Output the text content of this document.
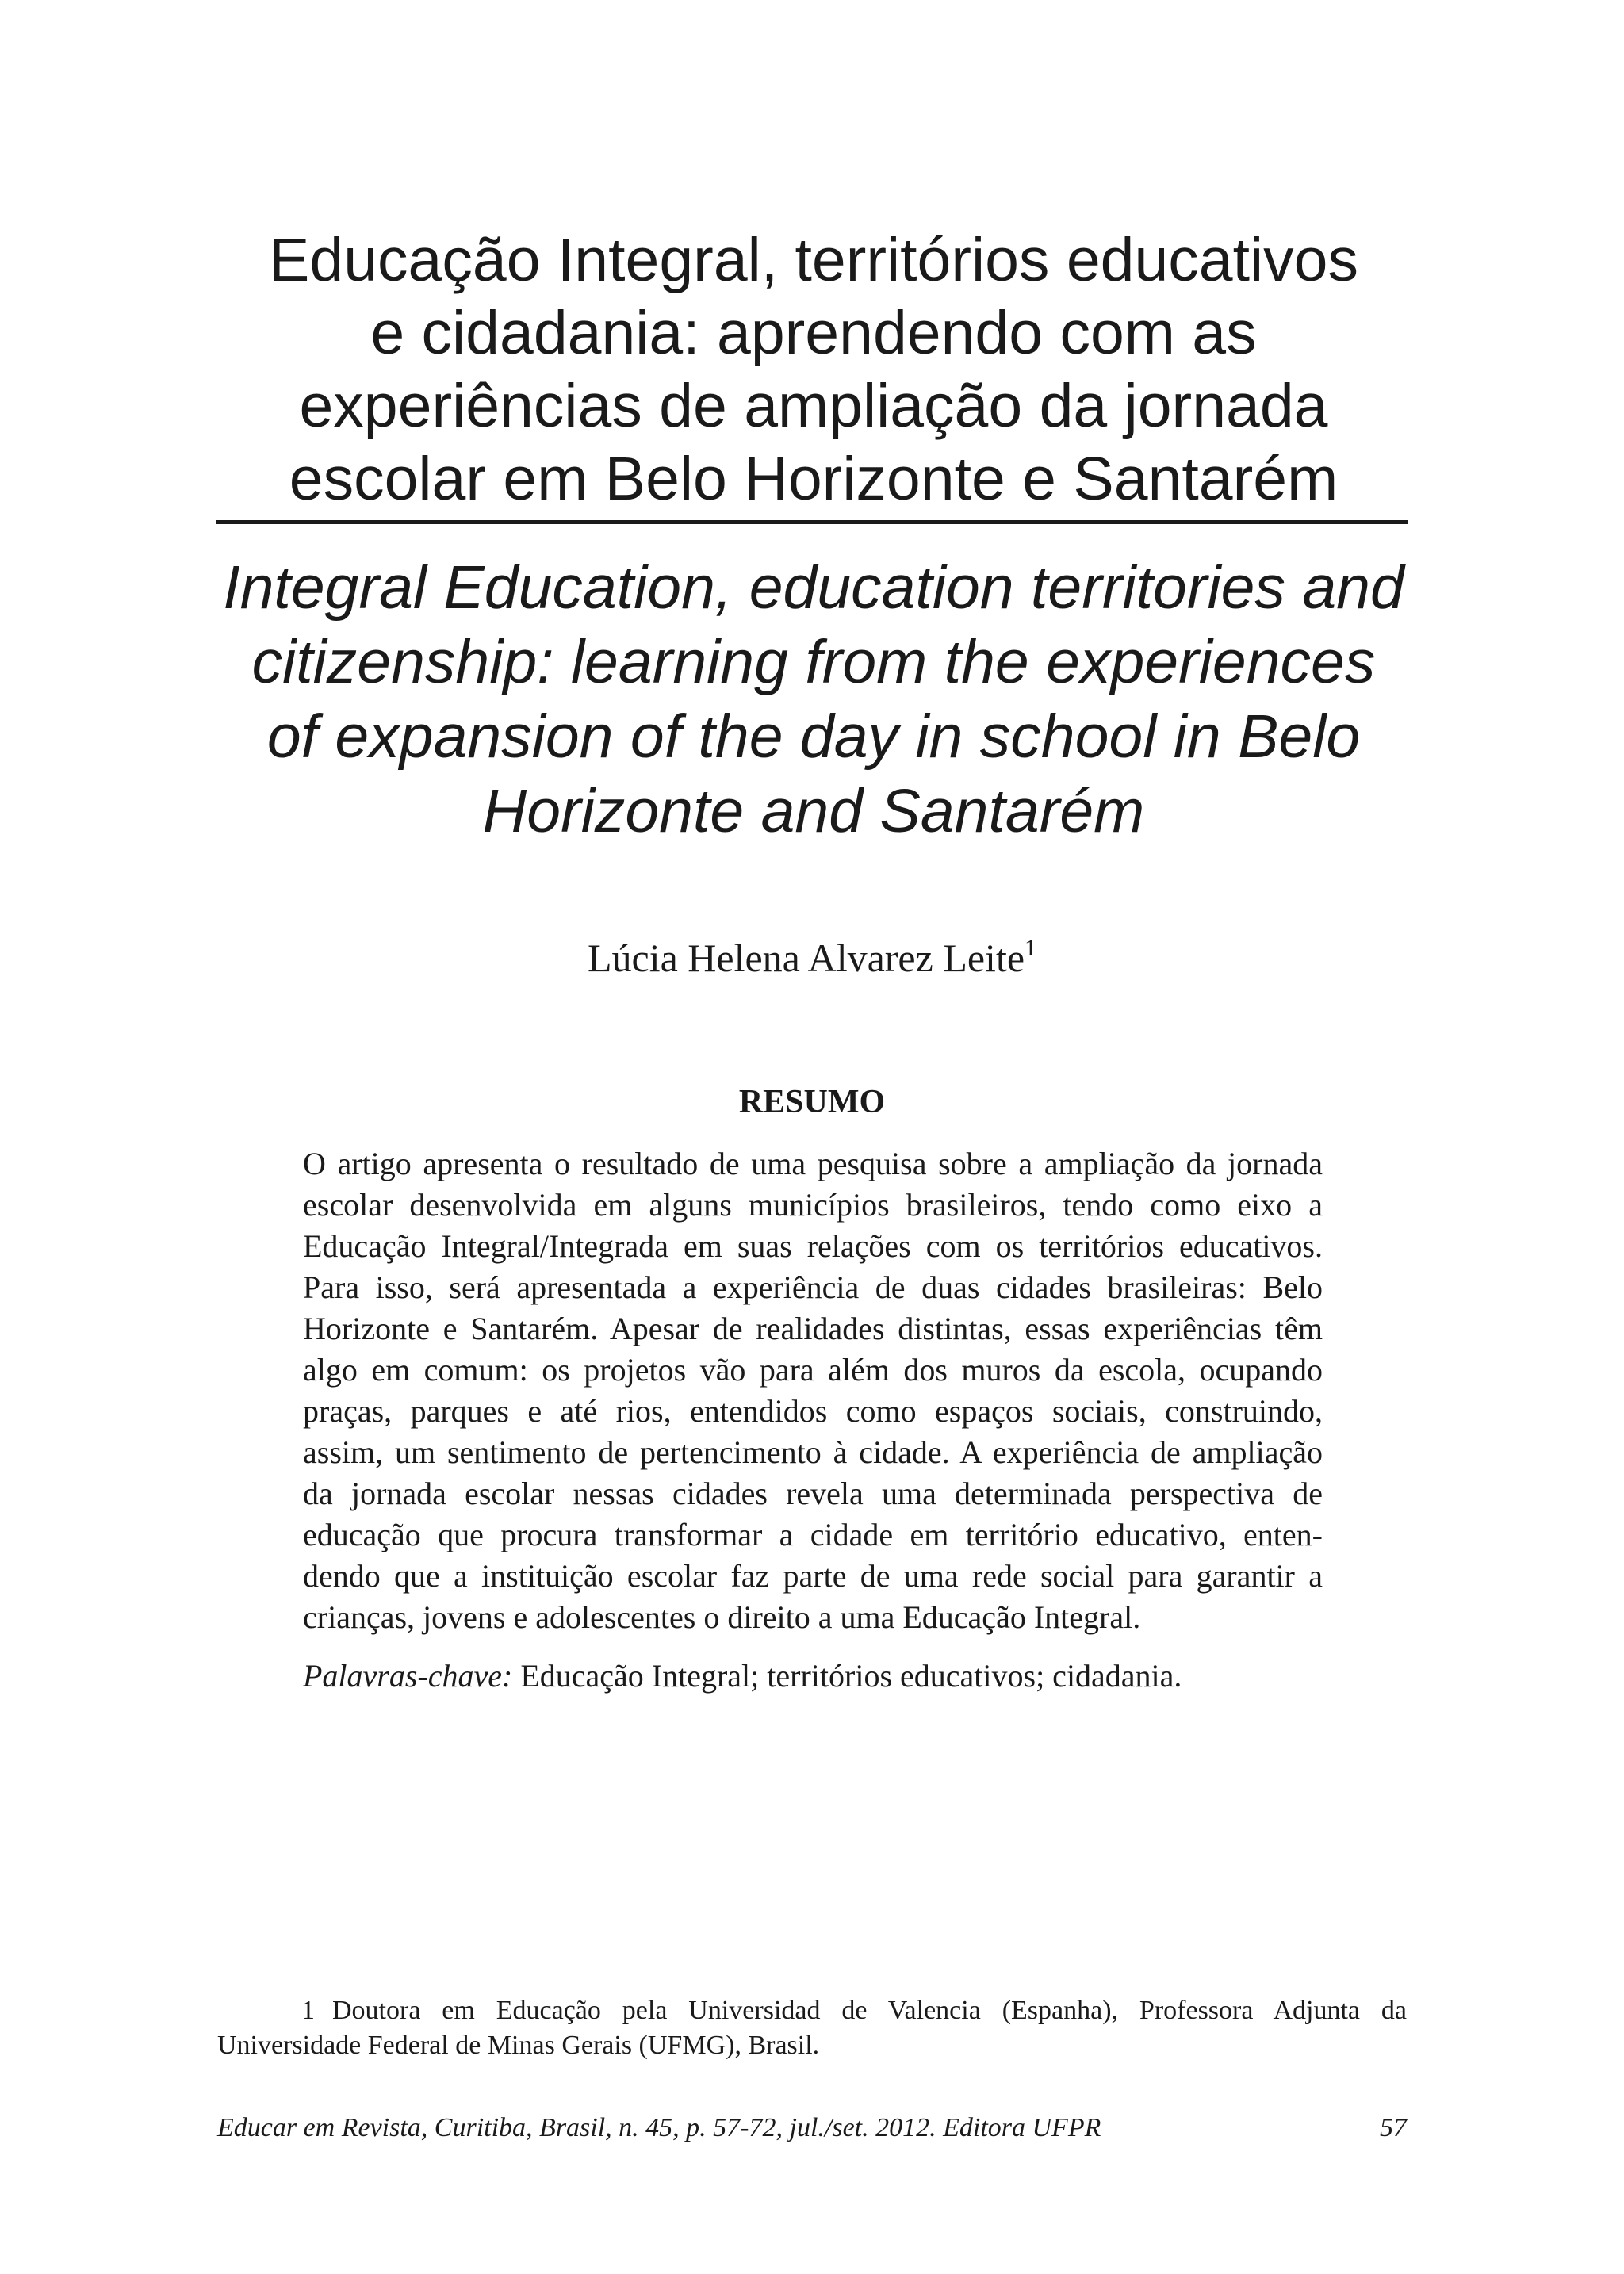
Educação Integral, territórios educativos
e cidadania: aprendendo com as
experiências de ampliação da jornada
escolar em Belo Horizonte e Santarém
Integral Education, education territories and
citizenship: learning from the experiences
of expansion of the day in school in Belo
Horizonte and Santarém
Lúcia Helena Alvarez Leite$^1$
RESUMO
O artigo apresenta o resultado de uma pesquisa sobre a ampliação da jornada
escolar desenvolvida em alguns municípios brasileiros, tendo como eixo a
Educação Integral/Integrada em suas relações com os territórios educativos.
Para isso, será apresentada a experiência de duas cidades brasileiras: Belo
Horizonte e Santarém. Apesar de realidades distintas, essas experiências têm
algo em comum: os projetos vão para além dos muros da escola, ocupando
praças, parques e até rios, entendidos como espaços sociais, construindo,
assim, um sentimento de pertencimento à cidade. A experiência de ampliação
da jornada escolar nessas cidades revela uma determinada perspectiva de
educação que procura transformar a cidade em território educativo, enten-
dendo que a instituição escolar faz parte de uma rede social para garantir a
crianças, jovens e adolescentes o direito a uma Educação Integral.
Palavras-chave: Educação Integral; territórios educativos; cidadania.
1 Doutora em Educação pela Universidad de Valencia (Espanha), Professora Adjunta da
Universidade Federal de Minas Gerais (UFMG), Brasil.
Educar em Revista, Curitiba, Brasil, n. 45, p. 57-72, jul./set. 2012. Editora UFPR	57
